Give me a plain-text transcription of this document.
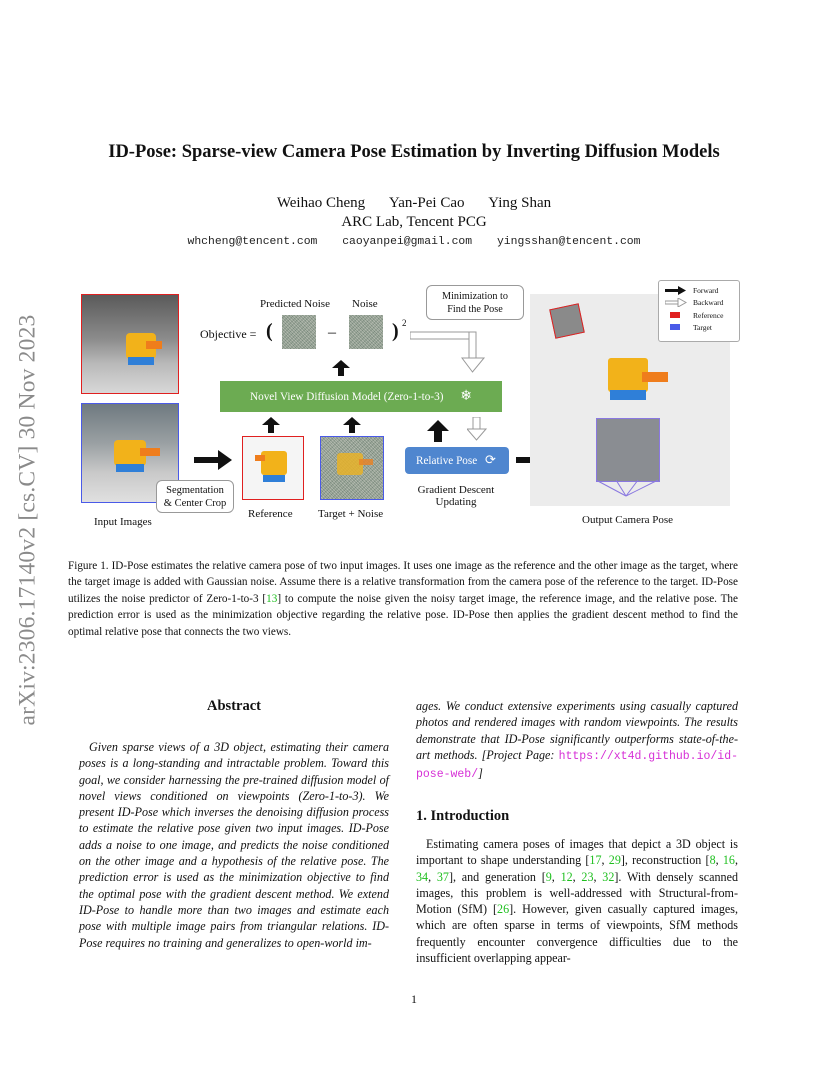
arXiv:2306.17140v2 [cs.CV] 30 Nov 2023
ID-Pose: Sparse-view Camera Pose Estimation by Inverting Diffusion Models
Weihao Cheng Yan-Pei Cao Ying Shan
ARC Lab, Tencent PCG
whcheng@tencent.com caoyanpei@gmail.com yingsshan@tencent.com
Input Images
Segmentation
& Center Crop
Reference Target + Noise
Novel View Diffusion Model (Zero-1-to-3) ❄
Predicted Noise Noise
Objective = (	–	) 2
Minimization to
Find the Pose
Relative Pose ⟳
Gradient Descent
Updating
Output Camera Pose
Forward
Backward
Reference
Target
Figure 1. ID-Pose estimates the relative camera pose of two input images. It uses one image as the reference and the other image as the target, where the target image is added with Gaussian noise. Assume there is a relative transformation from the camera pose of the reference to the target. ID-Pose utilizes the noise predictor of Zero-1-to-3 [13] to compute the noise given the noisy target image, the reference image, and the relative pose. The prediction error is used as the minimization objective regarding the relative pose. ID-Pose then applies the gradient descent method to find the optimal relative pose that connects the two views.
Abstract
Given sparse views of a 3D object, estimating their camera poses is a long-standing and intractable problem. Toward this goal, we consider harnessing the pre-trained diffusion model of novel views conditioned on viewpoints (Zero-1-to-3). We present ID-Pose which inverses the denoising diffusion process to estimate the relative pose given two input images. ID-Pose adds a noise to one image, and predicts the noise conditioned on the other image and a hypothesis of the relative pose. The prediction error is used as the minimization objective to find the optimal pose with the gradient descent method. We extend ID-Pose to handle more than two images and estimate each pose with multiple image pairs from triangular relations. ID-Pose requires no training and generalizes to open-world im-
ages. We conduct extensive experiments using casually captured photos and rendered images with random viewpoints. The results demonstrate that ID-Pose significantly outperforms state-of-the-art methods. [Project Page: https://xt4d.github.io/id-pose-web/]
1. Introduction
Estimating camera poses of images that depict a 3D object is important to shape understanding [17, 29], reconstruction [8, 16, 34, 37], and generation [9, 12, 23, 32]. With densely scanned images, this problem is well-addressed with Structural-from-Motion (SfM) [26]. However, given casually captured images, which are often sparse in terms of viewpoints, SfM methods frequently encounter convergence difficulties due to the insufficient overlapping appear-
1
